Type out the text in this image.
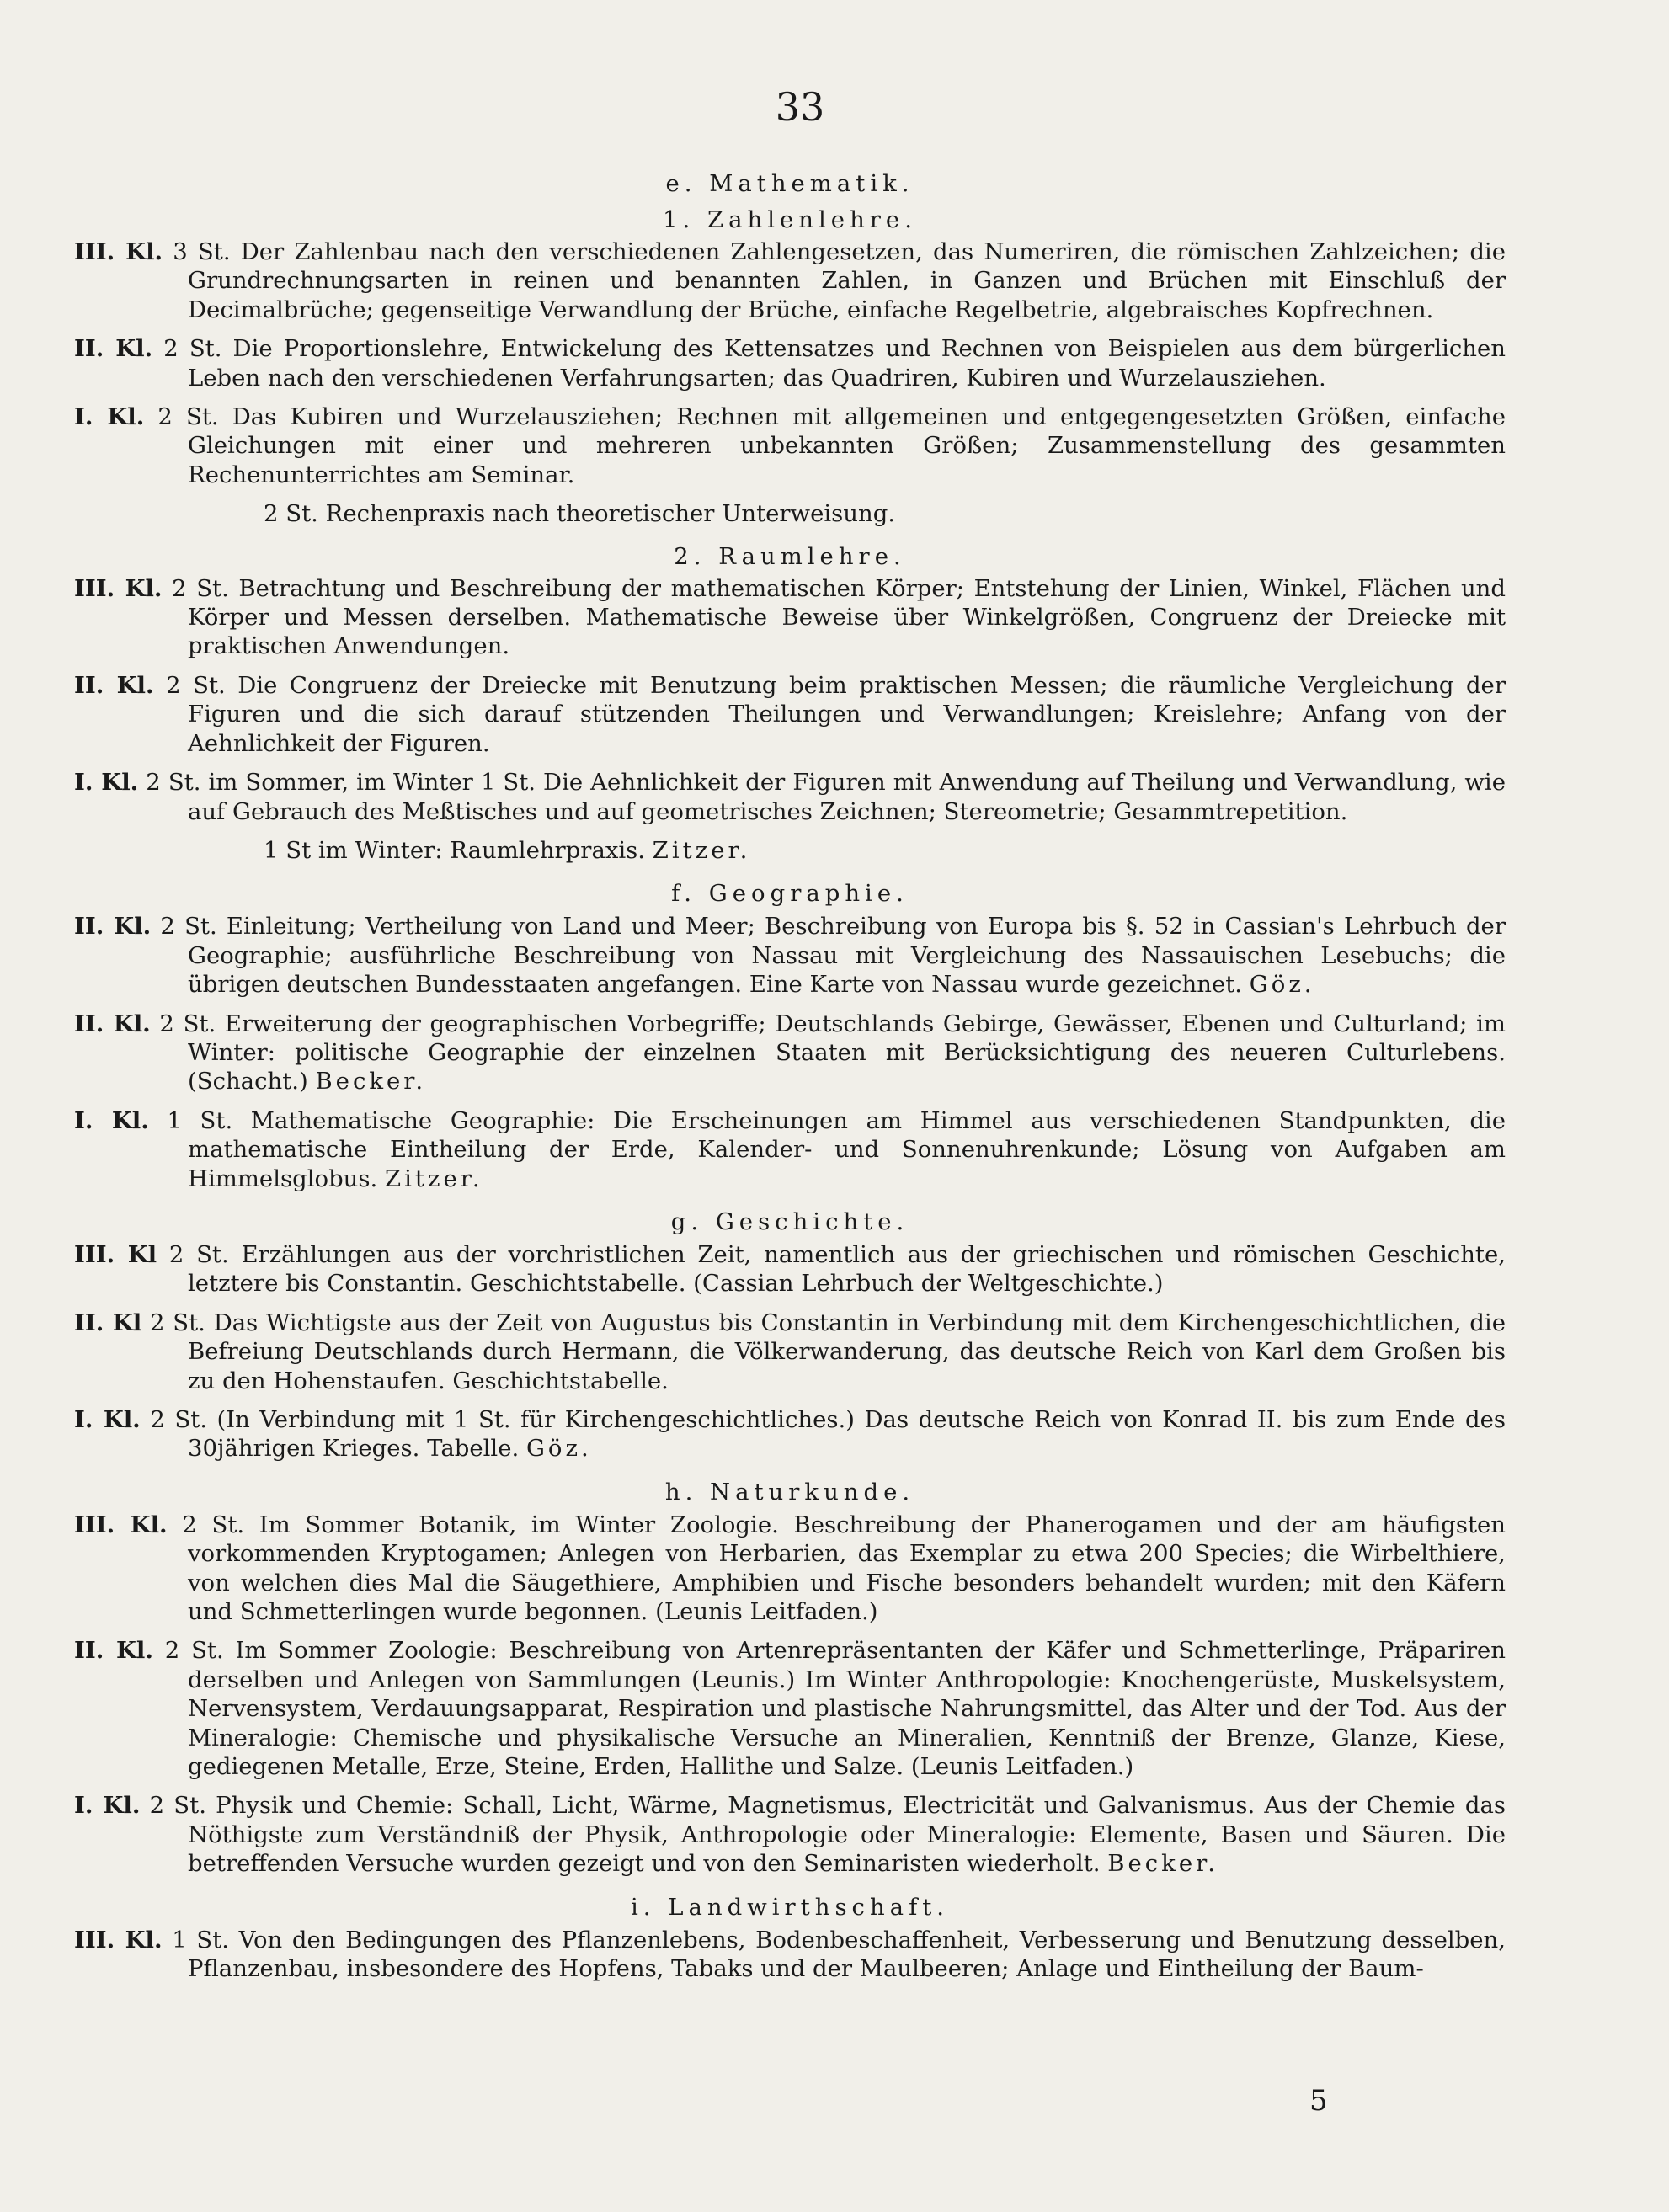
33
e. Mathematik.
1. Zahlenlehre.

III. Kl. 3 St. Der Zahlenbau nach den verschiedenen Zahlengesetzen, das Numeriren, die römischen Zahlzeichen; die Grundrechnungsarten in reinen und benannten Zahlen, in Ganzen und Brüchen mit Einschluß der Decimalbrüche; gegenseitige Verwandlung der Brüche, einfache Regelbetrie, algebraisches Kopfrechnen.

II. Kl. 2 St. Die Proportionslehre, Entwickelung des Kettensatzes und Rechnen von Beispielen aus dem bürgerlichen Leben nach den verschiedenen Verfahrungsarten; das Quadriren, Kubiren und Wurzelausziehen.

I. Kl. 2 St. Das Kubiren und Wurzelausziehen; Rechnen mit allgemeinen und entgegengesetzten Größen, einfache Gleichungen mit einer und mehreren unbekannten Größen; Zusammenstellung des gesammten Rechenunterrichtes am Seminar.

2 St. Rechenpraxis nach theoretischer Unterweisung.

2. Raumlehre.

III. Kl. 2 St. Betrachtung und Beschreibung der mathematischen Körper; Entstehung der Linien, Winkel, Flächen und Körper und Messen derselben. Mathematische Beweise über Winkelgrößen, Congruenz der Dreiecke mit praktischen Anwendungen.

II. Kl. 2 St. Die Congruenz der Dreiecke mit Benutzung beim praktischen Messen; die räumliche Vergleichung der Figuren und die sich darauf stützenden Theilungen und Verwandlungen; Kreislehre; Anfang von der Aehnlichkeit der Figuren.

I. Kl. 2 St. im Sommer, im Winter 1 St. Die Aehnlichkeit der Figuren mit Anwendung auf Theilung und Verwandlung, wie auf Gebrauch des Meßtisches und auf geometrisches Zeichnen; Stereometrie; Gesammtrepetition.

1 St im Winter: Raumlehrpraxis. Zitzer.

f. Geographie.

II. Kl. 2 St. Einleitung; Vertheilung von Land und Meer; Beschreibung von Europa bis §. 52 in Cassian's Lehrbuch der Geographie; ausführliche Beschreibung von Nassau mit Vergleichung des Nassauischen Lesebuchs; die übrigen deutschen Bundesstaaten angefangen. Eine Karte von Nassau wurde gezeichnet. Göz.

II. Kl. 2 St. Erweiterung der geographischen Vorbegriffe; Deutschlands Gebirge, Gewässer, Ebenen und Culturland; im Winter: politische Geographie der einzelnen Staaten mit Berücksichtigung des neueren Culturlebens. (Schacht.) Becker.

I. Kl. 1 St. Mathematische Geographie: Die Erscheinungen am Himmel aus verschiedenen Standpunkten, die mathematische Eintheilung der Erde, Kalender- und Sonnenuhrenkunde; Lösung von Aufgaben am Himmelsglobus. Zitzer.

g. Geschichte.

III. Kl 2 St. Erzählungen aus der vorchristlichen Zeit, namentlich aus der griechischen und römischen Geschichte, letztere bis Constantin. Geschichtstabelle. (Cassian Lehrbuch der Weltgeschichte.)

II. Kl 2 St. Das Wichtigste aus der Zeit von Augustus bis Constantin in Verbindung mit dem Kirchengeschichtlichen, die Befreiung Deutschlands durch Hermann, die Völkerwanderung, das deutsche Reich von Karl dem Großen bis zu den Hohenstaufen. Geschichtstabelle.

I. Kl. 2 St. (In Verbindung mit 1 St. für Kirchengeschichtliches.) Das deutsche Reich von Konrad II. bis zum Ende des 30jährigen Krieges. Tabelle. Göz.

h. Naturkunde.

III. Kl. 2 St. Im Sommer Botanik, im Winter Zoologie. Beschreibung der Phanerogamen und der am häufigsten vorkommenden Kryptogamen; Anlegen von Herbarien, das Exemplar zu etwa 200 Species; die Wirbelthiere, von welchen dies Mal die Säugethiere, Amphibien und Fische besonders behandelt wurden; mit den Käfern und Schmetterlingen wurde begonnen. (Leunis Leitfaden.)

II. Kl. 2 St. Im Sommer Zoologie: Beschreibung von Artenrepräsentanten der Käfer und Schmetterlinge, Präpariren derselben und Anlegen von Sammlungen (Leunis.) Im Winter Anthropologie: Knochengerüste, Muskelsystem, Nervensystem, Verdauungsapparat, Respiration und plastische Nahrungsmittel, das Alter und der Tod. Aus der Mineralogie: Chemische und physikalische Versuche an Mineralien, Kenntniß der Brenze, Glanze, Kiese, gediegenen Metalle, Erze, Steine, Erden, Hallithe und Salze. (Leunis Leitfaden.)

I. Kl. 2 St. Physik und Chemie: Schall, Licht, Wärme, Magnetismus, Electricität und Galvanismus. Aus der Chemie das Nöthigste zum Verständniß der Physik, Anthropologie oder Mineralogie: Elemente, Basen und Säuren. Die betreffenden Versuche wurden gezeigt und von den Seminaristen wiederholt. Becker.

i. Landwirthschaft.

III. Kl. 1 St. Von den Bedingungen des Pflanzenlebens, Bodenbeschaffenheit, Verbesserung und Benutzung desselben, Pflanzenbau, insbesondere des Hopfens, Tabaks und der Maulbeeren; Anlage und Eintheilung der Baum-

5
